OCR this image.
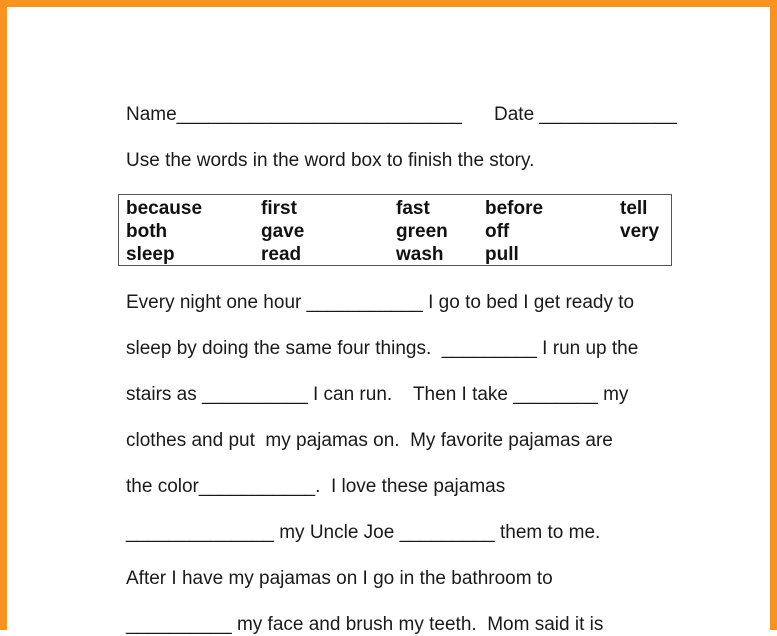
Name___________________________ Date _____________
Use the words in the word box to finish the story.
because
both
sleep
first
gave
read
fast
green
wash
before
off
pull
tell
very
Every night one hour ___________ I go to bed I get ready to
sleep by doing the same four things.  _________ I run up the
stairs as __________ I can run.    Then I take ________ my
clothes and put  my pajamas on.  My favorite pajamas are
the color___________.  I love these pajamas
______________ my Uncle Joe _________ them to me.
After I have my pajamas on I go in the bathroom to
__________ my face and brush my teeth.  Mom said it is
